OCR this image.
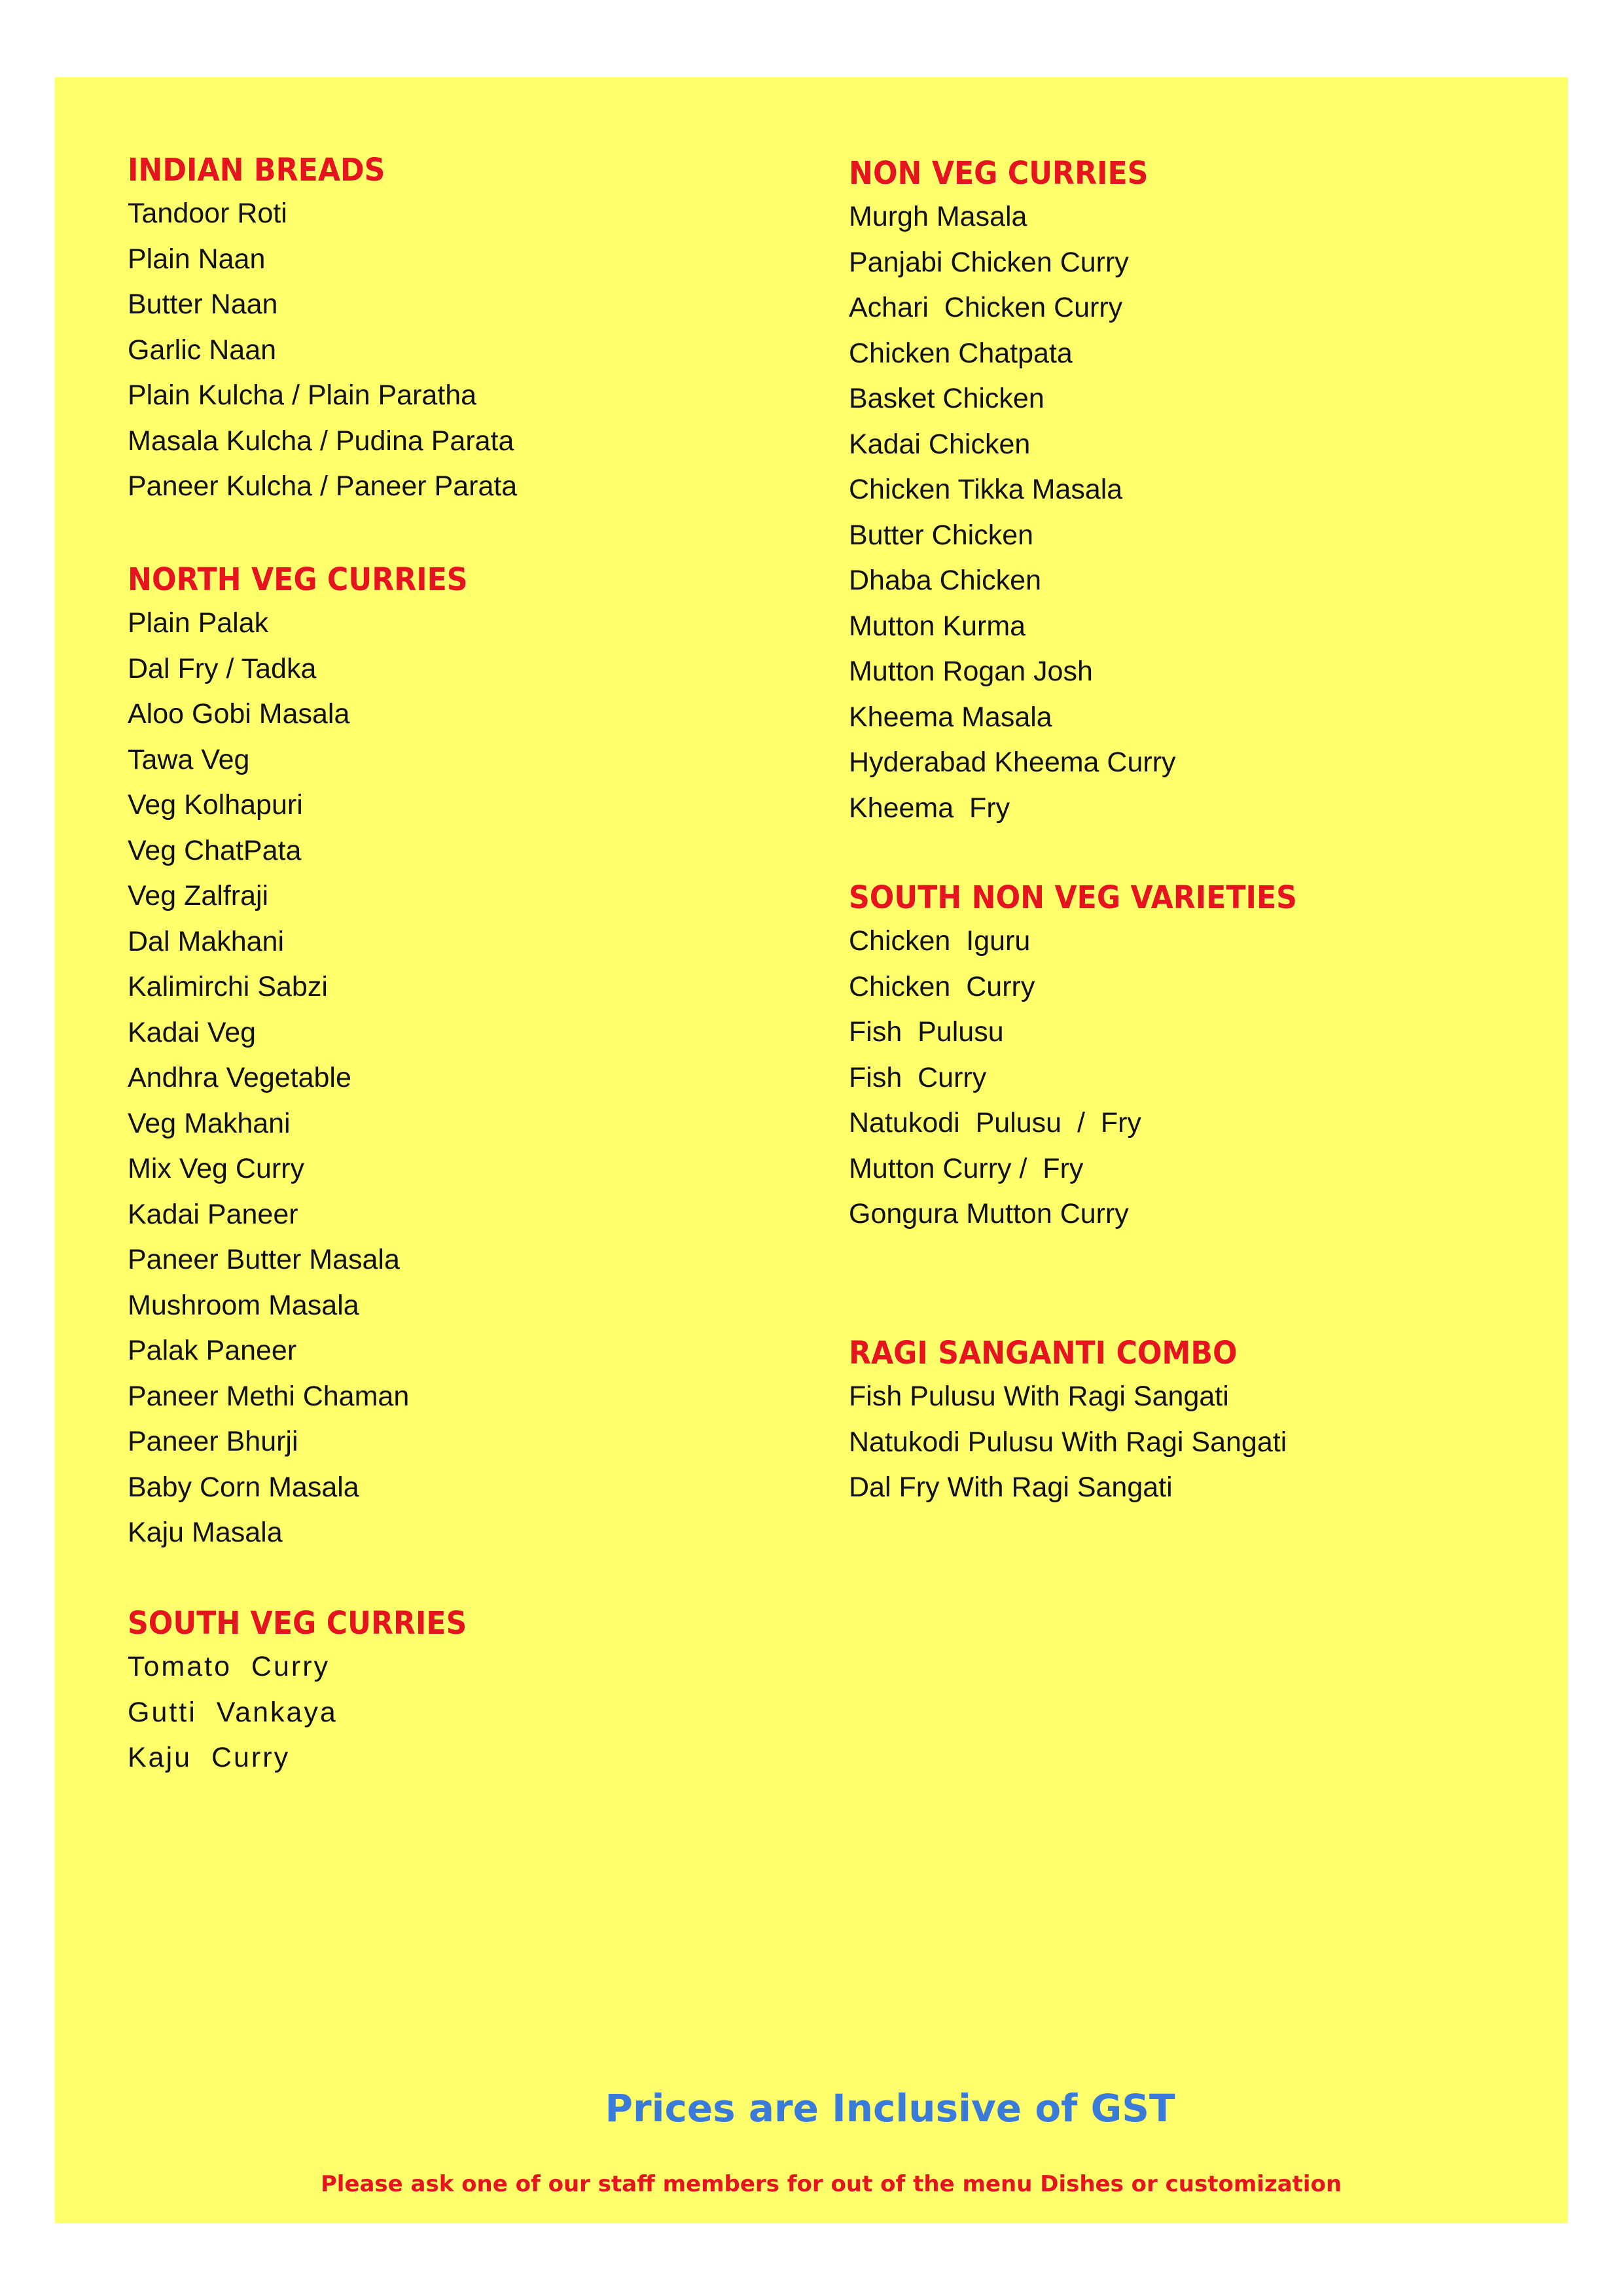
INDIAN BREADS
Tandoor Roti
Plain Naan
Butter Naan
Garlic Naan
Plain Kulcha / Plain Paratha
Masala Kulcha / Pudina Parata
Paneer Kulcha / Paneer Parata
NORTH VEG CURRIES
Plain Palak
Dal Fry / Tadka
Aloo Gobi Masala
Tawa Veg
Veg Kolhapuri
Veg ChatPata
Veg Zalfraji
Dal Makhani
Kalimirchi Sabzi
Kadai Veg
Andhra Vegetable
Veg Makhani
Mix Veg Curry
Kadai Paneer
Paneer Butter Masala
Mushroom Masala
Palak Paneer
Paneer Methi Chaman
Paneer Bhurji
Baby Corn Masala
Kaju Masala
SOUTH VEG CURRIES
Tomato  Curry
Gutti  Vankaya
Kaju  Curry
NON VEG CURRIES
Murgh Masala
Panjabi Chicken Curry
Achari  Chicken Curry
Chicken Chatpata
Basket Chicken
Kadai Chicken
Chicken Tikka Masala
Butter Chicken
Dhaba Chicken
Mutton Kurma
Mutton Rogan Josh
Kheema Masala
Hyderabad Kheema Curry
Kheema  Fry
SOUTH NON VEG VARIETIES
Chicken  Iguru
Chicken  Curry
Fish  Pulusu
Fish  Curry
Natukodi  Pulusu  /  Fry
Mutton Curry /  Fry
Gongura Mutton Curry
RAGI SANGANTI COMBO
Fish Pulusu With Ragi Sangati
Natukodi Pulusu With Ragi Sangati
Dal Fry With Ragi Sangati
Prices are Inclusive of GST
Please ask one of our staff members for out of the menu Dishes or customization
